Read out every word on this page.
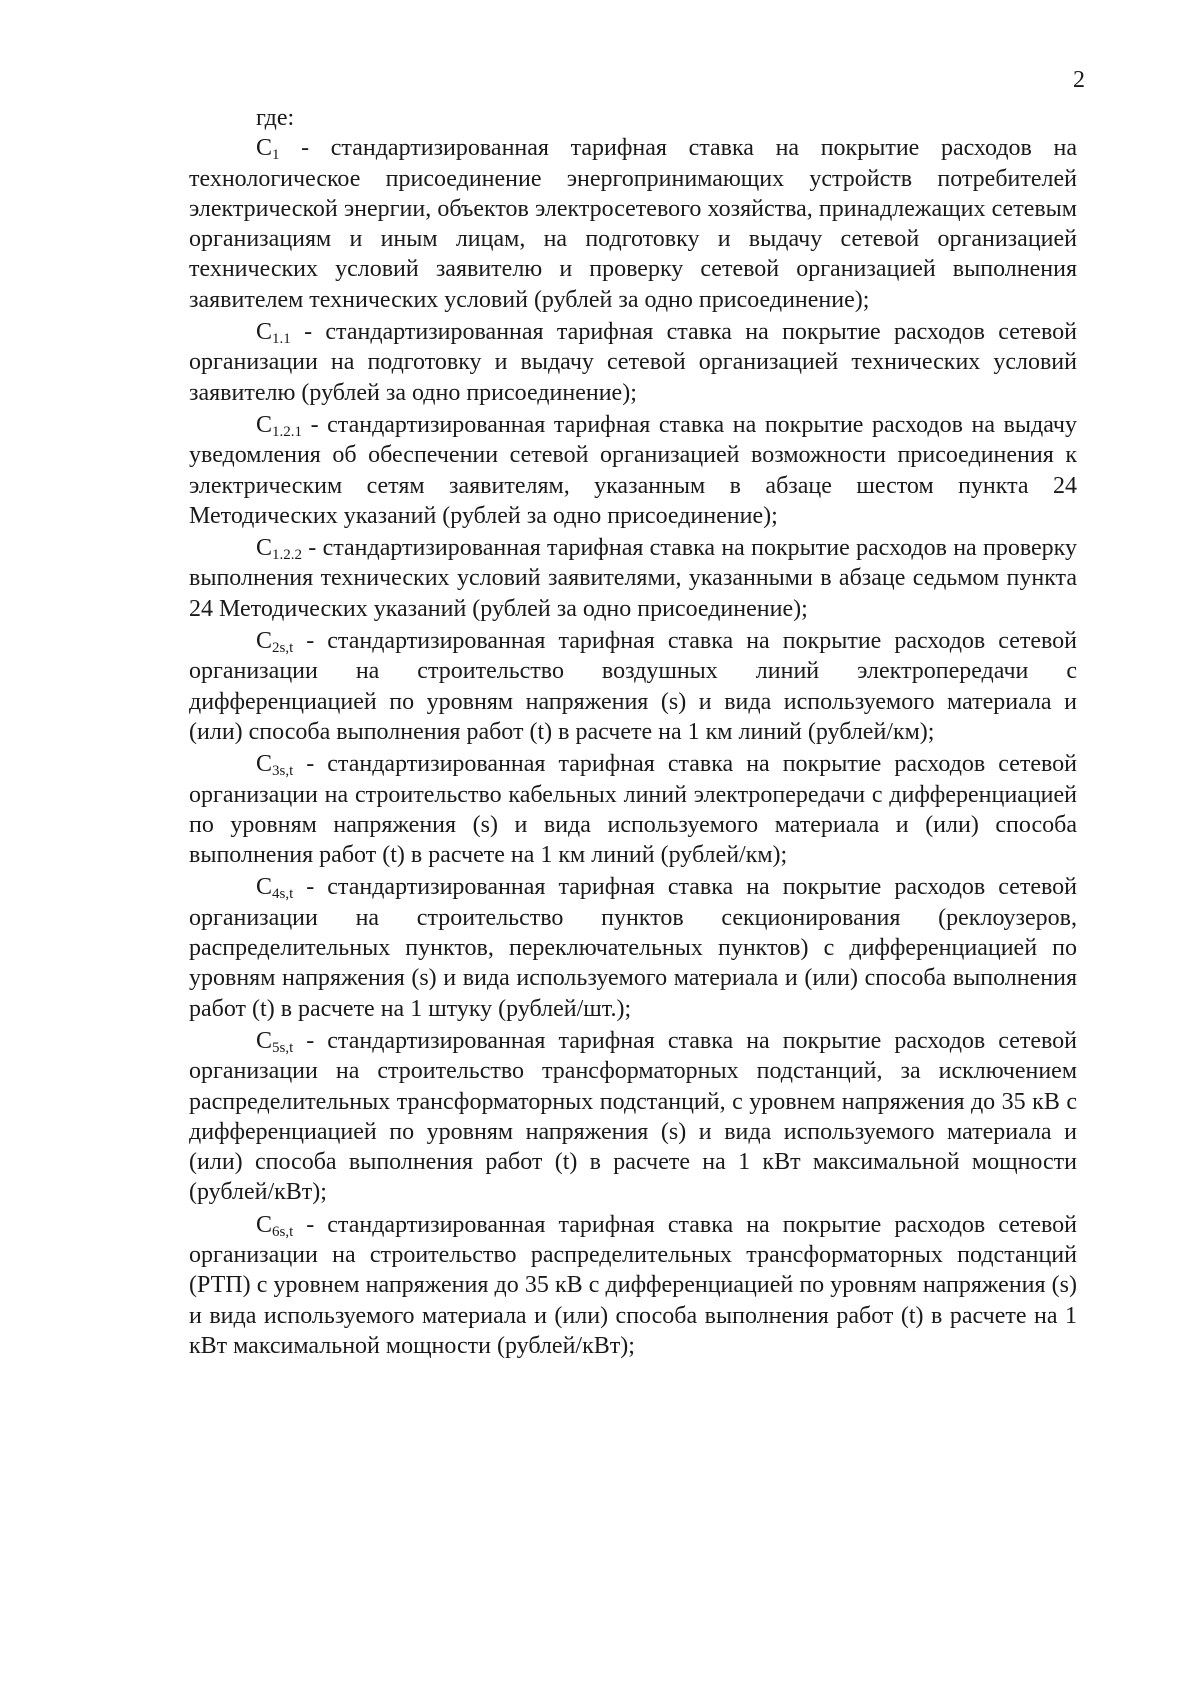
2

где:

$C_1$ - стандартизированная тарифная ставка на покрытие расходов на технологическое присоединение энергопринимающих устройств потребителей электрической энергии, объектов электросетевого хозяйства, принадлежащих сетевым организациям и иным лицам, на подготовку и выдачу сетевой организацией технических условий заявителю и проверку сетевой организацией выполнения заявителем технических условий (рублей за одно присоединение);

$C_{1.1}$ - стандартизированная тарифная ставка на покрытие расходов сетевой организации на подготовку и выдачу сетевой организацией технических условий заявителю (рублей за одно присоединение);

$C_{1.2.1}$ - стандартизированная тарифная ставка на покрытие расходов на выдачу уведомления об обеспечении сетевой организацией возможности присоединения к электрическим сетям заявителям, указанным в абзаце шестом пункта 24 Методических указаний (рублей за одно присоединение);

$C_{1.2.2}$ - стандартизированная тарифная ставка на покрытие расходов на проверку выполнения технических условий заявителями, указанными в абзаце седьмом пункта 24 Методических указаний (рублей за одно присоединение);

$C_{2s,t}$ - стандартизированная тарифная ставка на покрытие расходов сетевой организации на строительство воздушных линий электропередачи с дифференциацией по уровням напряжения (s) и вида используемого материала и (или) способа выполнения работ (t) в расчете на 1 км линий (рублей/км);

$C_{3s,t}$ - стандартизированная тарифная ставка на покрытие расходов сетевой организации на строительство кабельных линий электропередачи с дифференциацией по уровням напряжения (s) и вида используемого материала и (или) способа выполнения работ (t) в расчете на 1 км линий (рублей/км);

$C_{4s,t}$ - стандартизированная тарифная ставка на покрытие расходов сетевой организации на строительство пунктов секционирования (реклоузеров, распределительных пунктов, переключательных пунктов) с дифференциацией по уровням напряжения (s) и вида используемого материала и (или) способа выполнения работ (t) в расчете на 1 штуку (рублей/шт.);

$C_{5s,t}$ - стандартизированная тарифная ставка на покрытие расходов сетевой организации на строительство трансформаторных подстанций, за исключением распределительных трансформаторных подстанций, с уровнем напряжения до 35 кВ с дифференциацией по уровням напряжения (s) и вида используемого материала и (или) способа выполнения работ (t) в расчете на 1 кВт максимальной мощности (рублей/кВт);

$C_{6s,t}$ - стандартизированная тарифная ставка на покрытие расходов сетевой организации на строительство распределительных трансформаторных подстанций (РТП) с уровнем напряжения до 35 кВ с дифференциацией по уровням напряжения (s) и вида используемого материала и (или) способа выполнения работ (t) в расчете на 1 кВт максимальной мощности (рублей/кВт);
